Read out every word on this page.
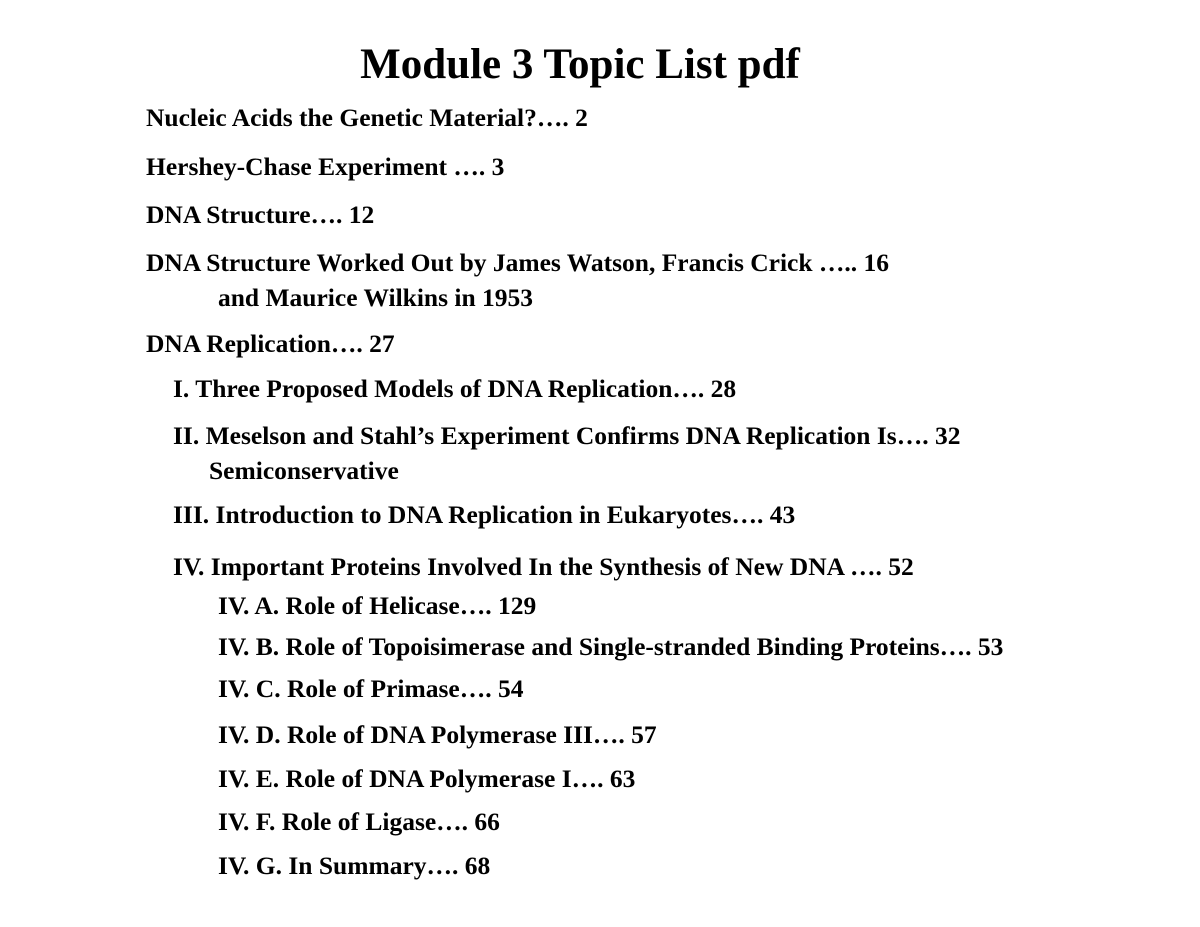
Module 3 Topic List pdf
Nucleic Acids the Genetic Material?…. 2
Hershey-Chase Experiment …. 3
DNA Structure…. 12
DNA Structure Worked Out by James Watson, Francis Crick ….. 16
and Maurice Wilkins in 1953
DNA Replication…. 27
I. Three Proposed Models of DNA Replication…. 28
II. Meselson and Stahl’s Experiment Confirms DNA Replication Is…. 32
Semiconservative
III. Introduction to DNA Replication in Eukaryotes…. 43
IV. Important Proteins Involved In the Synthesis of New DNA …. 52
IV. A. Role of Helicase…. 129
IV. B. Role of Topoisimerase and Single-stranded Binding Proteins…. 53
IV. C. Role of Primase…. 54
IV. D. Role of DNA Polymerase III…. 57
IV. E. Role of DNA Polymerase I…. 63
IV. F. Role of Ligase…. 66
IV. G. In Summary…. 68
